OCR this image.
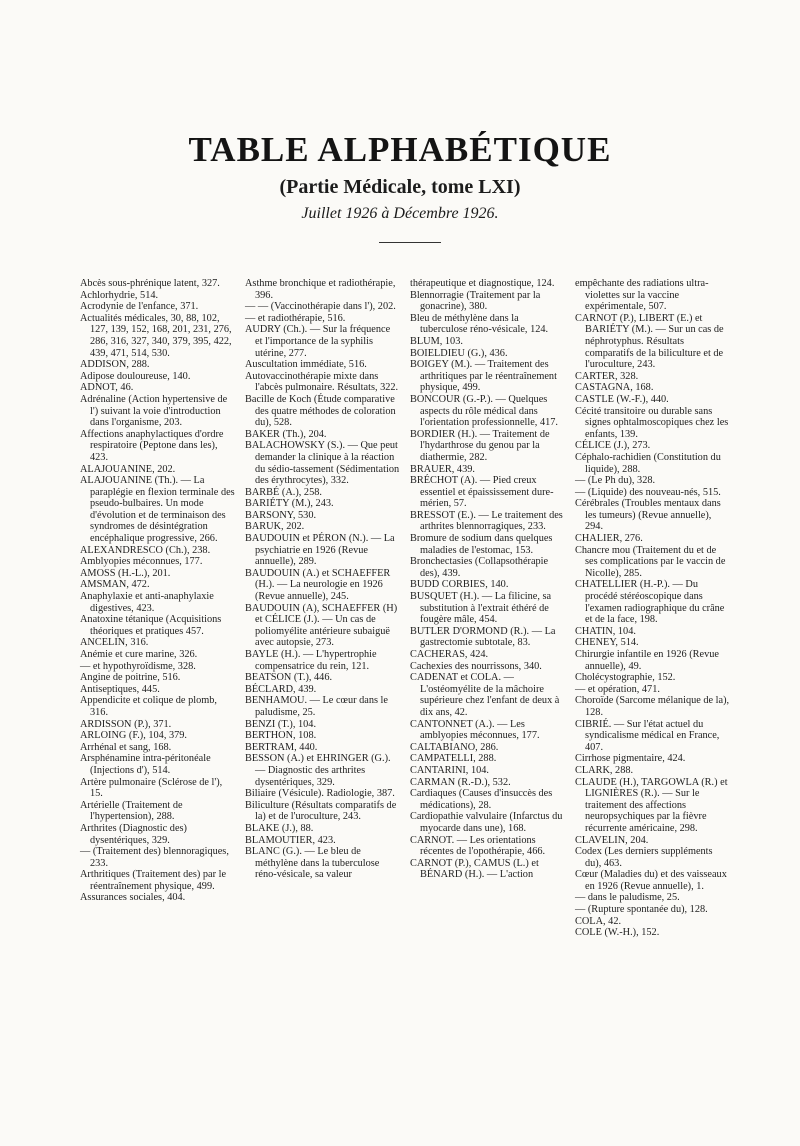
TABLE ALPHABÉTIQUE
(Partie Médicale, tome LXI)
Juillet 1926 à Décembre 1926.
Abcès sous-phrénique latent, 327.
Achlorhydrie, 514.
Acrodynie de l'enfance, 371.
Actualités médicales, 30, 88, 102, 127, 139, 152, 168, 201, 231, 276, 286, 316, 327, 340, 379, 395, 422, 439, 471, 514, 530.
ADDISON, 288.
Adipose douloureuse, 140.
ADNOT, 46.
Adrénaline (Action hypertensive de l') suivant la voie d'introduction dans l'organisme, 203.
Affections anaphylactiques d'ordre respiratoire (Peptone dans les), 423.
ALAJOUANINE, 202.
ALAJOUANINE (Th.). — La paraplégie en flexion terminale des pseudo-bulbaires. Un mode d'évolution et de terminaison des syndromes de désintégration encéphalique progressive, 266.
ALEXANDRESCO (Ch.), 238.
Amblyopies méconnues, 177.
AMOSS (H.-L.), 201.
AMSMAN, 472.
Anaphylaxie et anti-anaphylaxie digestives, 423.
Anatoxine tétanique (Acquisitions théoriques et pratiques 457.
ANCELIN, 316.
Anémie et cure marine, 326.
— et hypothyroïdisme, 328.
Angine de poitrine, 516.
Antiseptiques, 445.
Appendicite et colique de plomb, 316.
ARDISSON (P.), 371.
ARLOING (F.), 104, 379.
Arrhénal et sang, 168.
Arsphénamine intra-péritonéale (Injections d'), 514.
Artère pulmonaire (Sclérose de l'), 15.
Artérielle (Traitement de l'hypertension), 288.
Arthrites (Diagnostic des) dysentériques, 329.
— (Traitement des) blennoragiques, 233.
Arthritiques (Traitement des) par le réentraînement physique, 499.
Assurances sociales, 404.
Asthme bronchique et radiothérapie, 396.
— — (Vaccinothérapie dans l'), 202.
— et radiothérapie, 516.
AUDRY (Ch.). — Sur la fréquence et l'importance de la syphilis utérine, 277.
Auscultation immédiate, 516.
Autovaccinothérapie mixte dans l'abcès pulmonaire. Résultats, 322.
Bacille de Koch (Étude comparative des quatre méthodes de coloration du), 528.
BAKER (Th.), 204.
BALACHOWSKY (S.). — Que peut demander la clinique à la réaction du sédio-tassement (Sédimentation des érythrocytes), 332.
BARBÉ (A.), 258.
BARIÉTY (M.), 243.
BARSONY, 530.
BARUK, 202.
BAUDOUIN et PÉRON (N.). — La psychiatrie en 1926 (Revue annuelle), 289.
BAUDOUIN (A.) et SCHAEFFER (H.). — La neurologie en 1926 (Revue annuelle), 245.
BAUDOUIN (A), SCHAEFFER (H) et CÉLICE (J.). — Un cas de poliomyélite antérieure subaiguë avec autopsie, 273.
BAYLE (H.). — L'hypertrophie compensatrice du rein, 121.
BEATSON (T.), 446.
BÉCLARD, 439.
BENHAMOU. — Le cœur dans le paludisme, 25.
BENZI (T.), 104.
BERTHON, 108.
BERTRAM, 440.
BESSON (A.) et EHRINGER (G.). — Diagnostic des arthrites dysentériques, 329.
Biliaire (Vésicule). Radiologie, 387.
Biliculture (Résultats comparatifs de la) et de l'uroculture, 243.
BLAKE (J.), 88.
BLAMOUTIER, 423.
BLANC (G.). — Le bleu de méthylène dans la tuberculose réno-vésicale, sa valeur
thérapeutique et diagnostique, 124.
Blennorragie (Traitement par la gonacrine), 380.
Bleu de méthylène dans la tuberculose réno-vésicale, 124.
BLUM, 103.
BOIELDIEU (G.), 436.
BOIGEY (M.). — Traitement des arthritiques par le réentraînement physique, 499.
BONCOUR (G.-P.). — Quelques aspects du rôle médical dans l'orientation professionnelle, 417.
BORDIER (H.). — Traitement de l'hydarthrose du genou par la diathermie, 282.
BRAUER, 439.
BRÉCHOT (A). — Pied creux essentiel et épaississement dure-mérien, 57.
BRESSOT (E.). — Le traitement des arthrites blennorragiques, 233.
Bromure de sodium dans quelques maladies de l'estomac, 153.
Bronchectasies (Collapsothérapie des), 439.
BUDD CORBIES, 140.
BUSQUET (H.). — La filicine, sa substitution à l'extrait éthéré de fougère mâle, 454.
BUTLER D'ORMOND (R.). — La gastrectomie subtotale, 83.
CACHERAS, 424.
Cachexies des nourrissons, 340.
CADENAT et COLA. — L'ostéomyélite de la mâchoire supérieure chez l'enfant de deux à dix ans, 42.
CANTONNET (A.). — Les amblyopies méconnues, 177.
CALTABIANO, 286.
CAMPATELLI, 288.
CANTARINI, 104.
CARMAN (R.-D.), 532.
Cardiaques (Causes d'insuccès des médications), 28.
Cardiopathie valvulaire (Infarctus du myocarde dans une), 168.
CARNOT. — Les orientations récentes de l'opothérapie, 466.
CARNOT (P.), CAMUS (L.) et BÉNARD (H.). — L'action
empêchante des radiations ultra-violettes sur la vaccine expérimentale, 507.
CARNOT (P.), LIBERT (E.) et BARIÉTY (M.). — Sur un cas de néphrotyphus. Résultats comparatifs de la biliculture et de l'uroculture, 243.
CARTER, 328.
CASTAGNA, 168.
CASTLE (W.-F.), 440.
Cécité transitoire ou durable sans signes ophtalmoscopiques chez les enfants, 139.
CÉLICE (J.), 273.
Céphalo-rachidien (Constitution du liquide), 288.
— (Le Ph du), 328.
— (Liquide) des nouveau-nés, 515.
Cérébrales (Troubles mentaux dans les tumeurs) (Revue annuelle), 294.
CHALIER, 276.
Chancre mou (Traitement du et de ses complications par le vaccin de Nicolle), 285.
CHATELLIER (H.-P.). — Du procédé stéréoscopique dans l'examen radiographique du crâne et de la face, 198.
CHATIN, 104.
CHENEY, 514.
Chirurgie infantile en 1926 (Revue annuelle), 49.
Cholécystographie, 152.
— et opération, 471.
Choroïde (Sarcome mélanique de la), 128.
CIBRIÉ. — Sur l'état actuel du syndicalisme médical en France, 407.
Cirrhose pigmentaire, 424.
CLARK, 288.
CLAUDE (H.), TARGOWLA (R.) et LIGNIÈRES (R.). — Sur le traitement des affections neuropsychiques par la fièvre récurrente américaine, 298.
CLAVELIN, 204.
Codex (Les derniers suppléments du), 463.
Cœur (Maladies du) et des vaisseaux en 1926 (Revue annuelle), 1.
— dans le paludisme, 25.
— (Rupture spontanée du), 128.
COLA, 42.
COLE (W.-H.), 152.
